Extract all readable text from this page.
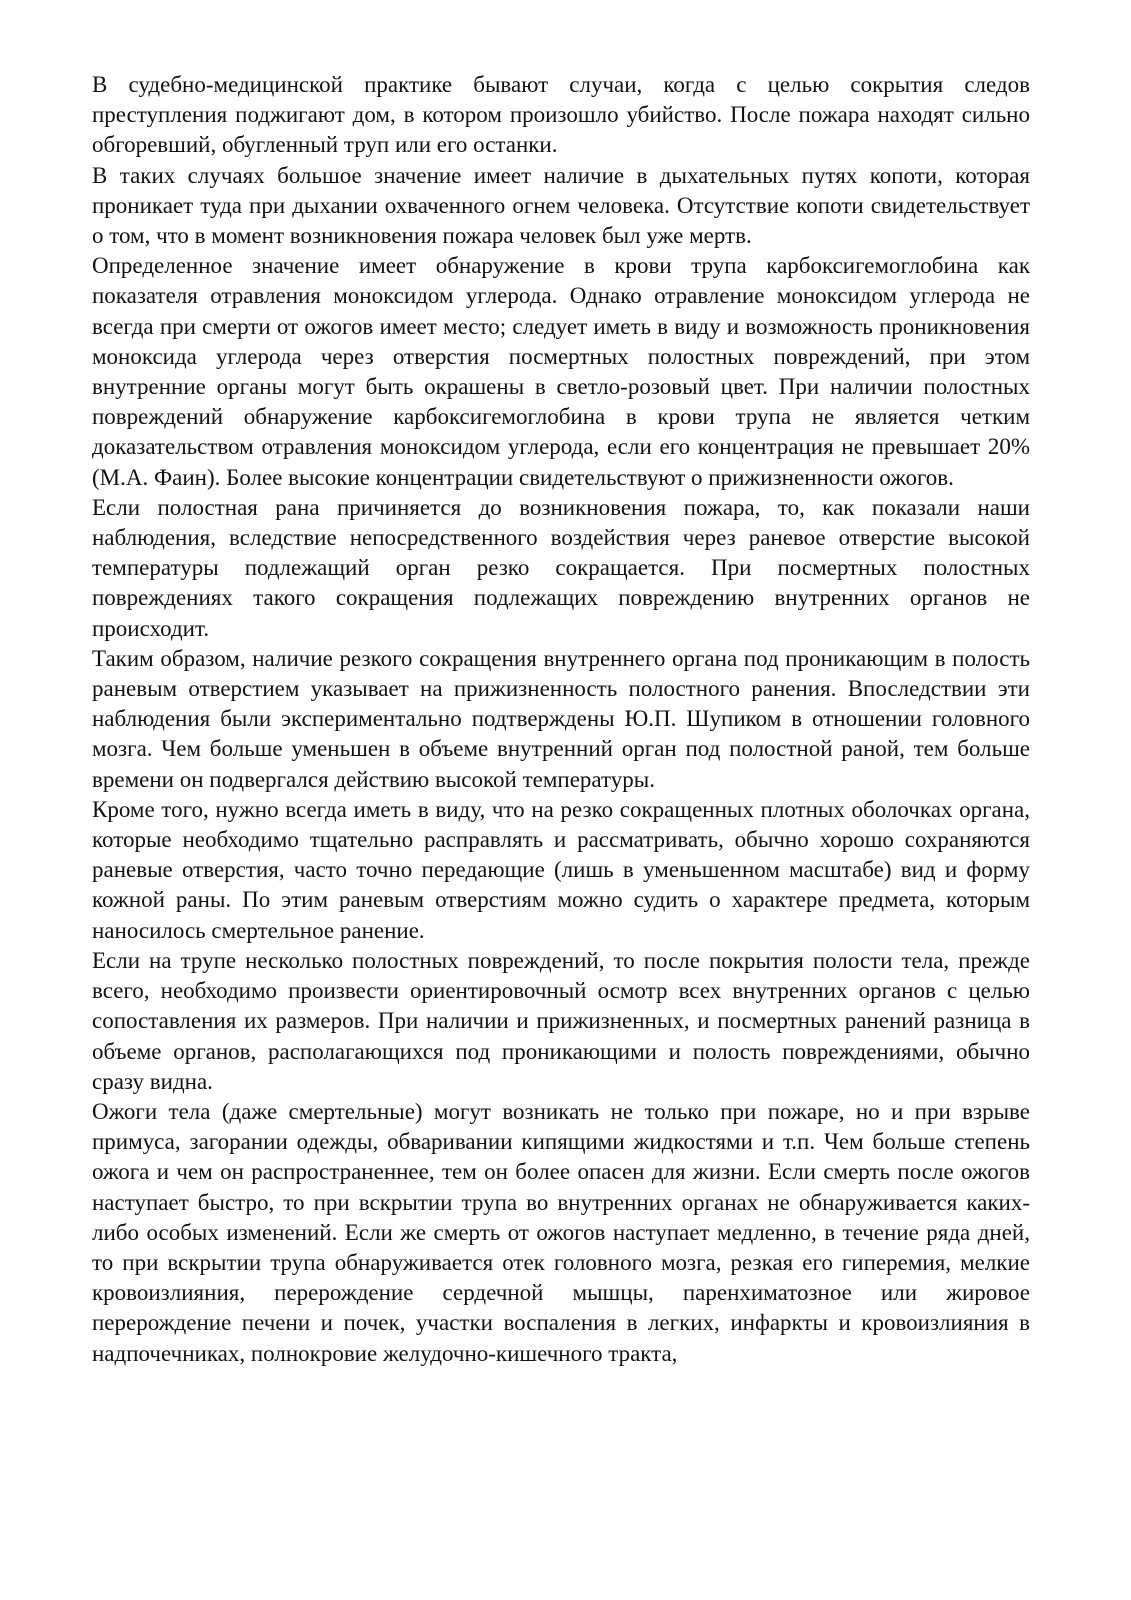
В судебно-медицинской практике бывают случаи, когда с целью сокрытия следов преступления поджигают дом, в котором произошло убийство. После пожара находят сильно обгоревший, обугленный труп или его останки.

В таких случаях большое значение имеет наличие в дыхательных путях копоти, которая проникает туда при дыхании охваченного огнем человека. Отсутствие копоти свидетельствует о том, что в момент возникновения пожара человек был уже мертв.

Определенное значение имеет обнаружение в крови трупа карбоксигемоглобина как показателя отравления моноксидом углерода. Однако отравление моноксидом углерода не всегда при смерти от ожогов имеет место; следует иметь в виду и возможность проникновения моноксида углерода через отверстия посмертных полостных повреждений, при этом внутренние органы могут быть окрашены в светло-розовый цвет. При наличии полостных повреждений обнаружение карбоксигемоглобина в крови трупа не является четким доказательством отравления моноксидом углерода, если его концентрация не превышает 20% (М.А. Фаин). Более высокие концентрации свидетельствуют о прижизненности ожогов.

Если полостная рана причиняется до возникновения пожара, то, как показали наши наблюдения, вследствие непосредственного воздействия через раневое отверстие высокой температуры подлежащий орган резко сокращается. При посмертных полостных повреждениях такого сокращения подлежащих повреждению внутренних органов не происходит.

Таким образом, наличие резкого сокращения внутреннего органа под проникающим в полость раневым отверстием указывает на прижизненность полостного ранения. Впоследствии эти наблюдения были экспериментально подтверждены Ю.П. Шупиком в отношении головного мозга. Чем больше уменьшен в объеме внутренний орган под полостной раной, тем больше времени он подвергался действию высокой температуры.

Кроме того, нужно всегда иметь в виду, что на резко сокращенных плотных оболочках органа, которые необходимо тщательно расправлять и рассматривать, обычно хорошо сохраняются раневые отверстия, часто точно передающие (лишь в уменьшенном масштабе) вид и форму кожной раны. По этим раневым отверстиям можно судить о характере предмета, которым наносилось смертельное ранение.

Если на трупе несколько полостных повреждений, то после покрытия полости тела, прежде всего, необходимо произвести ориентировочный осмотр всех внутренних органов с целью сопоставления их размеров. При наличии и прижизненных, и посмертных ранений разница в объеме органов, располагающихся под проникающими и полость повреждениями, обычно сразу видна.

Ожоги тела (даже смертельные) могут возникать не только при пожаре, но и при взрыве примуса, загорании одежды, обваривании кипящими жидкостями и т.п. Чем больше степень ожога и чем он распространеннее, тем он более опасен для жизни. Если смерть после ожогов наступает быстро, то при вскрытии трупа во внутренних органах не обнаруживается каких-либо особых изменений. Если же смерть от ожогов наступает медленно, в течение ряда дней, то при вскрытии трупа обнаруживается отек головного мозга, резкая его гиперемия, мелкие кровоизлияния, перерождение сердечной мышцы, паренхиматозное или жировое перерождение печени и почек, участки воспаления в легких, инфаркты и кровоизлияния в надпочечниках, полнокровие желудочно-кишечного тракта,
